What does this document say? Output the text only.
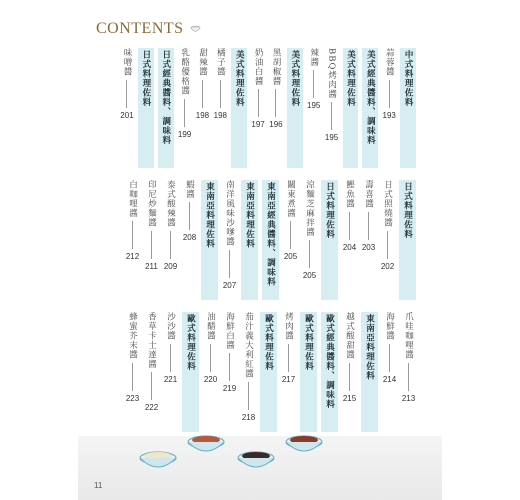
CONTENTS
中式料理佐料
蒜蓉醬
193
美式經典醬料、調味料
美式料理佐料
BBQ烤肉醬
195
辣醬
195
美式料理佐料
黑胡椒醬
196
奶油白醬
197
美式料理佐料
橘子醬
198
甜辣醬
198
乳酪優格醬
199
日式經典醬料、調味料
日式料理佐料
味噌醬
201
日式料理佐料
日式照燒醬
202
壽喜醬
203
鰹魚醬
204
日式料理佐料
涼麵芝麻拌醬
205
關東煮醬
205
東南亞經典醬料、調味料
東南亞料理佐料
南洋風味沙嗲醬
207
東南亞料理佐料
蝦醬
208
泰式酸辣醬
209
印尼炒麵醬
211
白咖哩醬
212
爪哇咖哩醬
213
海鮮醬
214
東南亞料理佐料
越式酸甜醬
215
歐式經典醬料、調味料
歐式料理佐料
烤肉醬
217
歐式料理佐料
茄汁義大利紅醬
218
海鮮白醬
219
油醋醬
220
歐式料理佐料
沙沙醬
221
香草卡士達醬
222
蜂蜜芥末醬
223
11
